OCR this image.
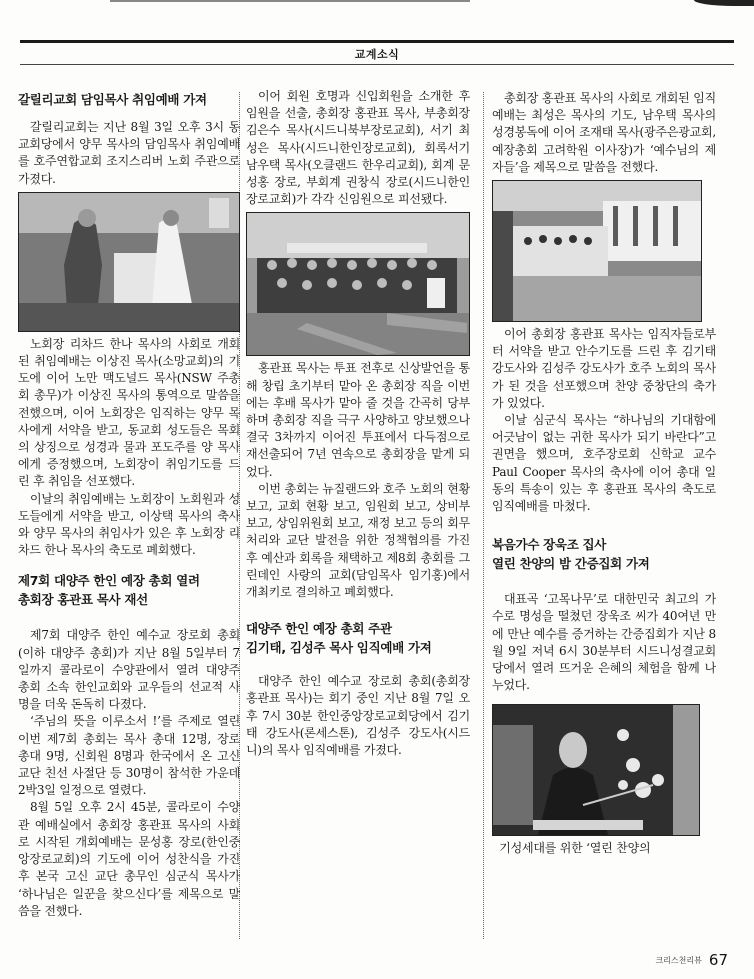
교계소식
갈릴리교회 담임목사 취임예배 가져

갈릴리교회는 지난 8월 3일 오후 3시 동교회당에서 양무 목사의 담임목사 취임예배를 호주연합교회 조지스리버 노회 주관으로 가졌다.

노회장 리차드 한나 목사의 사회로 개회된 취임예배는 이상진 목사(소망교회)의 기도에 이어 노만 맥도널드 목사(NSW 주총회 총무)가 이상진 목사의 통역으로 말씀을 전했으며, 이어 노회장은 임직하는 양무 목사에게 서약을 받고, 동교회 성도들은 목회의 상징으로 성경과 물과 포도주를 양 목사에게 증정했으며, 노회장이 취임기도를 드린 후 취임을 선포했다.

이날의 취임예배는 노회장이 노회원과 성도들에게 서약을 받고, 이상택 목사의 축사와 양무 목사의 취임사가 있은 후 노회장 리차드 한나 목사의 축도로 폐회했다.

제7회 대양주 한인 예장 총회 열려
총회장 홍관표 목사 재선

제7회 대양주 한인 예수교 장로회 총회(이하 대양주 총회)가 지난 8월 5일부터 7일까지 콜라로이 수양관에서 열려 대양주 총회 소속 한인교회와 교우들의 선교적 사명을 더욱 돈독히 다졌다.

‘주님의 뜻을 이루소서 !’를 주제로 열린 이번 제7회 총회는 목사 총대 12명, 장로 총대 9명, 신회원 8명과 한국에서 온 고신 교단 친선 사절단 등 30명이 참석한 가운데 2박3일 일정으로 열렸다.

8월 5일 오후 2시 45분, 콜라로이 수양관 예배실에서 총회장 홍관표 목사의 사회로 시작된 개회예배는 문성홍 장로(한인중앙장로교회)의 기도에 이어 성찬식을 가진 후 본국 고신 교단 총무인 심군식 목사가 ‘하나님은 일꾼을 찾으신다’를 제목으로 말씀을 전했다.

이어 회원 호명과 신입회원을 소개한 후 임원을 선출, 총회장 홍관표 목사, 부총회장 김은수 목사(시드니북부장로교회), 서기 최성은 목사(시드니한인장로교회), 회록서기 남우택 목사(오클랜드 한우리교회), 회계 문성홍 장로, 부회계 권창식 장로(시드니한인장로교회)가 각각 신임원으로 피선됐다.

홍관표 목사는 투표 전후로 신상발언을 통해 창립 초기부터 맡아 온 총회장 직을 이번에는 후배 목사가 맡아 줄 것을 간곡히 당부하며 총회장 직을 극구 사양하고 양보했으나 결국 3차까지 이어진 투표에서 다득점으로 재선출되어 7년 연속으로 총회장을 맡게 되었다.

이번 총회는 뉴질랜드와 호주 노회의 현황 보고, 교회 현황 보고, 임원회 보고, 상비부 보고, 상임위원회 보고, 재정 보고 등의 회무처리와 교단 발전을 위한 정책협의를 가진 후 예산과 회록을 채택하고 제8회 총회를 그린데인 사랑의 교회(담임목사 임기홍)에서 개최키로 결의하고 폐회했다.

대양주 한인 예장 총회 주관
김기태, 김성주 목사 임직예배 가져

대양주 한인 예수교 장로회 총회(총회장 홍관표 목사)는 회기 중인 지난 8월 7일 오후 7시 30분 한인중앙장로교회당에서 김기태 강도사(론세스톤), 김성주 강도사(시드니)의 목사 임직예배를 가졌다.

총회장 홍관표 목사의 사회로 개회된 임직예배는 최성은 목사의 기도, 남우택 목사의 성경봉독에 이어 조재태 목사(광주은광교회, 예장총회 고려학원 이사장)가 ‘예수님의 제자들’을 제목으로 말씀을 전했다.

이어 총회장 홍관표 목사는 임직자들로부터 서약을 받고 안수기도를 드린 후 김기태 강도사와 김성주 강도사가 호주 노회의 목사가 된 것을 선포했으며 찬양 중창단의 축가가 있었다.

이날 심군식 목사는 “하나님의 기대함에 어긋남이 없는 귀한 목사가 되기 바란다”고 권면을 했으며, 호주장로회 신학교 교수 Paul Cooper 목사의 축사에 이어 총대 일동의 특송이 있는 후 홍관표 목사의 축도로 임직예배를 마쳤다.

복음가수 장욱조 집사
열린 찬양의 밤 간증집회 가져

대표곡 ‘고목나무’로 대한민국 최고의 가수로 명성을 떨쳤던 장욱조 씨가 40여년 만에 만난 예수를 증거하는 간증집회가 지난 8월 9일 저녁 6시 30분부터 시드니성결교회당에서 열려 뜨거운 은혜의 체험을 함께 나누었다.

기성세대를 위한 ‘열린 찬양의

크리스천리뷰 67
